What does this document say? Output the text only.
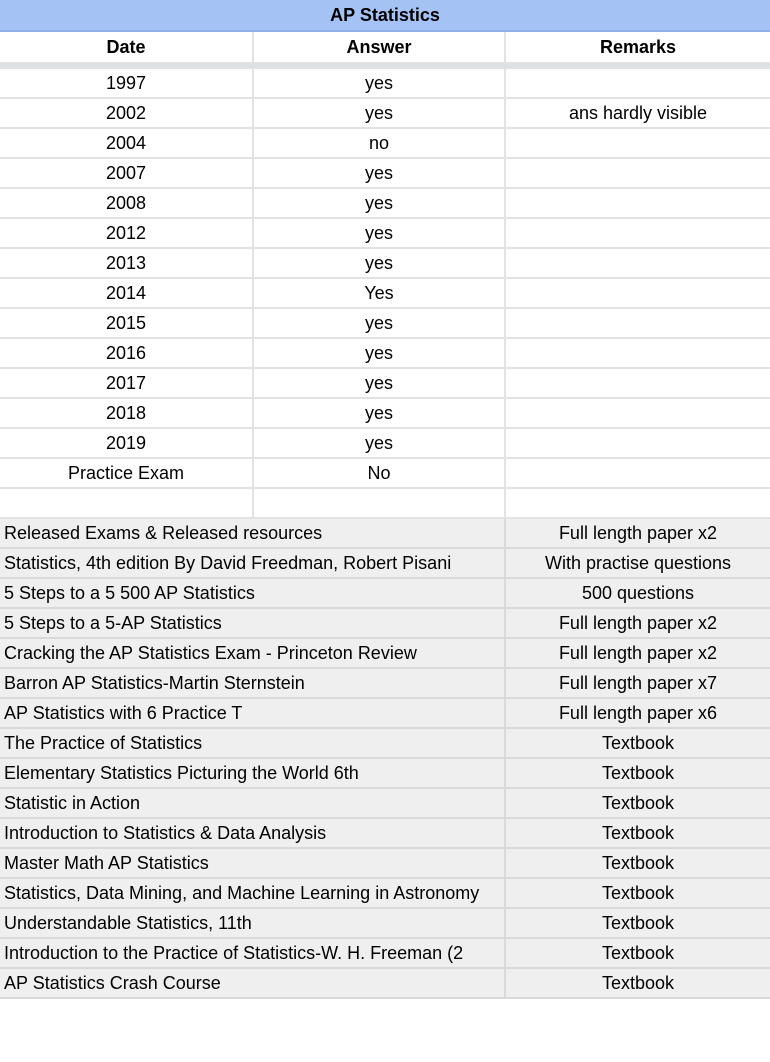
AP Statistics
Date	Answer	Remarks

1997	yes	
2002	yes	ans hardly visible
2004	no	
2007	yes	
2008	yes	
2012	yes	
2013	yes	
2014	Yes	
2015	yes	
2016	yes	
2017	yes	
2018	yes	
2019	yes	
Practice Exam	No	

Released Exams & Released resources		Full length paper x2
Statistics, 4th edition By David Freedman, Robert Pisani		With practise questions
5 Steps to a 5 500 AP Statistics		500 questions
5 Steps to a 5-AP Statistics		Full length paper x2
Cracking the AP Statistics Exam - Princeton Review		Full length paper x2
Barron AP Statistics-Martin Sternstein		Full length paper x7
AP Statistics with 6 Practice T		Full length paper x6
The Practice of Statistics		Textbook
Elementary Statistics Picturing the World 6th		Textbook
Statistic in Action		Textbook
Introduction to Statistics & Data Analysis		Textbook
Master Math AP Statistics		Textbook
Statistics, Data Mining, and Machine Learning in Astronomy		Textbook
Understandable Statistics, 11th		Textbook
Introduction to the Practice of Statistics-W. H. Freeman (2		Textbook
AP Statistics Crash Course		Textbook
